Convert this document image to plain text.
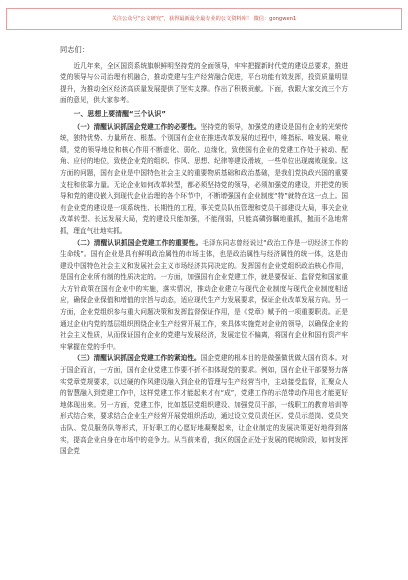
关注公众号“公文研究”，获得最新最全最专业的公文资料库！ 微信：gongwen1

同志们：

近几年来，全区国资系统旗帜鲜明坚持党的全面领导，牢牢把握新时代党的建设总要求，推进党的领导与公司治理有机融合，推动党建与生产经营融合促进，平台功能有效发挥，投资质量明显提升，为推动全区经济高质量发展提供了坚实支撑。作出了积极贡献。下面，我跟大家交流三个方面的意见，供大家参考。

一、思想上要清醒“三个认识”

（一）清醒认识抓国企党建工作的必要性。坚持党的领导，加强党的建设是国有企业的光荣传统，独特优势、力量所在、根基。个别国有企业在推进改革发展的过程中，唯指标、唯发展、唯业绩，党的领导地位和核心作用不断虚化、弱化、边缘化，致使国有企业的党建工作处于被动、配角、应付的地位，致使企业党的组织、作风、思想、纪律等建设滑坡，一些单位出现腐败现象。这方面的问题，国有企业是中国特色社会主义的重要物质基础和政治基础，是我们党执政兴国的重要支柱和依靠力量。无论企业如何改革转型，都必须坚持党的领导，必须加强党的建设，并把党的领导和党的建设嵌入到现代企业治理的各个环节中，不断增强国有企业制度“特”就特在这一点上。国有企业党的建设是一项系统性、长期性的工程，事关党员队伍管理和党员干部建设大局，事关企业改革转型、长远发展大局，党的建设只能加强，不能削弱，只能高磷弥瞩地重抓，抛而不急地常抓，理直气壮地实抓。

（二）清醒认识抓国企党建工作的重要性。毛泽东同志曾经说过“政治工作是一切经济工作的生命线”。国有企业是具有鲜明政治属性的市场主体，也是政治属性与经济属性的统一体，这是由建设中国特色社会主义和发展社会主义市场经济共同决定的。发挥国有企业党组织政治核心作用，是国有企业所有制的性质决定的。一方面，加强国有企业党建工作，就是要保证、监督党和国家重大方针政策在国有企业中的实施，落实情况，推动企业建立与现代企业制度与现代企业制度相适应，确保企业保值和增值的宗旨与动态，适应现代生产力发展要求，保证企业改革发展方向。另一方面，企业党组织参与重大问题决策和发挥监督保证作用，是《党章》赋予的一项重要职责。正是通过企业内党的基层组织围绕企业生产经营开展工作，来具体实施党对企业的领导，以确保企业的社会主义性质，从而保证国有企业的党建与发展经济，发展定位不偏离，将国有企业和国有资产牢牢掌握在党的手中。

（三）清醒认识抓国企党建工作的紧迫性。国企党建的根本目的是做强做优做大国有资本。对于国企而言，一方面，国有企业党建工作要不折不扣体现党的要求。例如，国有企业干部要努力落实党章党规要求，以过硬的作风建设融入到企业的管理与生产经营当中，主动接受监督，汇聚众人的智慧融入到党建工作中，这样党建工作才能起来才有“成”，党建工作的示范带动作用也才能更好地体现出来。另一方面，党建工作，比如基层党组织建设、加强党员干部，一线职工的教育培训等形式结合来，要求结合企业生产经营开展党组织活动，通过设立党员责任区、党员示范岗、党员突击队、党员服务队等形式，开好职工的心愿好地凝聚起来，让企业制定的发展决策更好地得到落实，提高企业自身在市场中的竞争力。从当前来看，我区的国企正处于发展的爬坡阶段，如何发挥国企党
